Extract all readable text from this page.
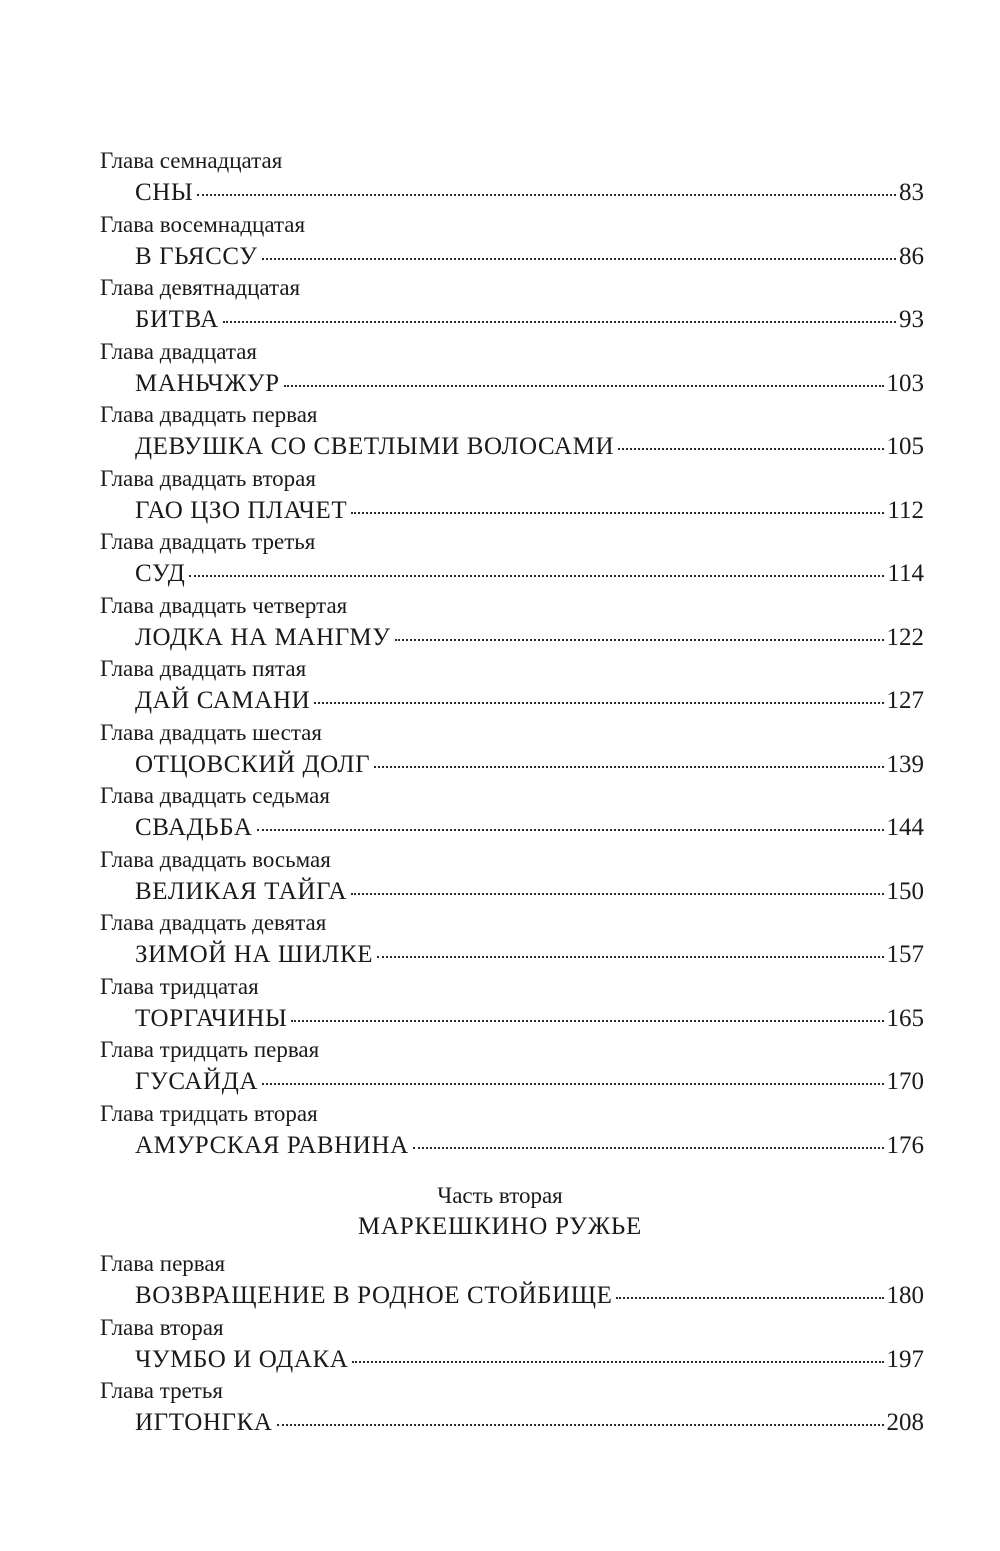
Глава семнадцатая
СНЫ	83
Глава восемнадцатая
В ГЬЯССУ	86
Глава девятнадцатая
БИТВА	93
Глава двадцатая
МАНЬЧЖУР	103
Глава двадцать первая
ДЕВУШКА СО СВЕТЛЫМИ ВОЛОСАМИ	105
Глава двадцать вторая
ГАО ЦЗО ПЛАЧЕТ	112
Глава двадцать третья
СУД	114
Глава двадцать четвертая
ЛОДКА НА МАНГМУ	122
Глава двадцать пятая
ДАЙ САМАНИ	127
Глава двадцать шестая
ОТЦОВСКИЙ ДОЛГ	139
Глава двадцать седьмая
СВАДЬБА	144
Глава двадцать восьмая
ВЕЛИКАЯ ТАЙГА	150
Глава двадцать девятая
ЗИМОЙ НА ШИЛКЕ	157
Глава тридцатая
ТОРГАЧИНЫ	165
Глава тридцать первая
ГУСАЙДА	170
Глава тридцать вторая
АМУРСКАЯ РАВНИНА	176
Часть вторая
МАРКЕШКИНО РУЖЬЕ
Глава первая
ВОЗВРАЩЕНИЕ В РОДНОЕ СТОЙБИЩЕ	180
Глава вторая
ЧУМБО И ОДАКА	197
Глава третья
ИГТОНГКА	208
